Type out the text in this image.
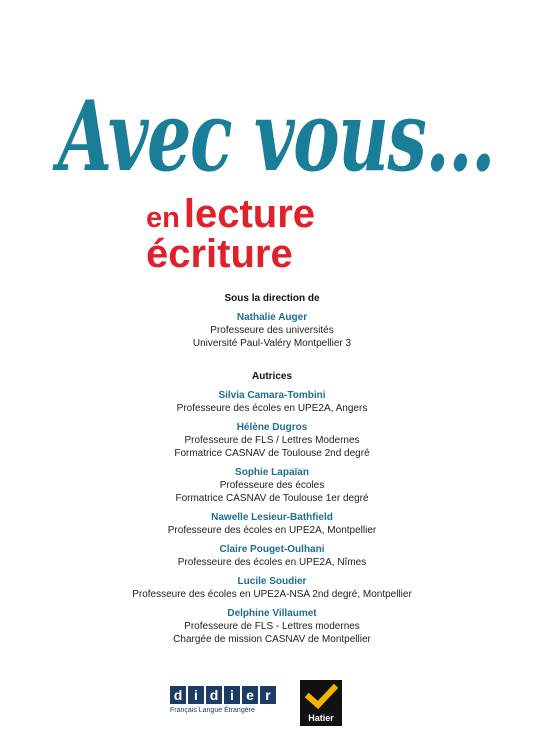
Avec vous...
en lecture
écriture
Sous la direction de
Nathalie Auger
Professeure des universités
Université Paul-Valéry Montpellier 3
Autrices
Silvia Camara-Tombini
Professeure des écoles en UPE2A, Angers
Hélène Dugros
Professeure de FLS / Lettres Modernes
Formatrice CASNAV de Toulouse 2nd degré
Sophie Lapaïan
Professeure des écoles
Formatrice CASNAV de Toulouse 1er degré
Nawelle Lesieur-Bathfield
Professeure des écoles en UPE2A, Montpellier
Claire Pouget-Oulhani
Professeure des écoles en UPE2A, Nîmes
Lucile Soudier
Professeure des écoles en UPE2A-NSA 2nd degré, Montpellier
Delphine Villaumet
Professeure de FLS - Lettres modernes
Chargée de mission CASNAV de Montpellier
d i d i e r
Français Langue Étrangère
Hatier
